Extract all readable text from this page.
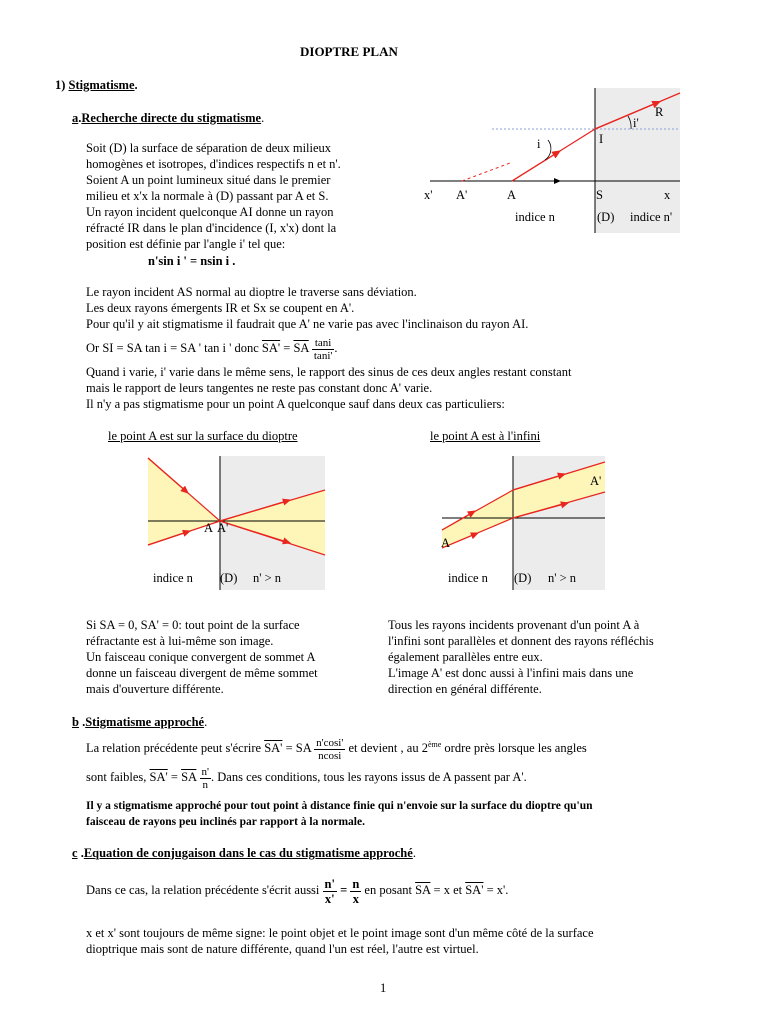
DIOPTRE PLAN
1) Stigmatisme.
a.Recherche directe du stigmatisme.
Soit (D) la surface de séparation de deux milieux
homogènes et isotropes, d'indices respectifs n et n'.
Soient A un point lumineux situé dans le premier
milieu et x'x la normale à (D) passant par A et S.
Un rayon incident quelconque AI donne un rayon
réfracté IR dans le plan d'incidence (I, x'x) dont la
position est définie par l'angle i' tel que:
n'sin i ' = nsin i .
R
i'
i	I
x' A'	A	S	x
indice n	(D) indice n'
A A'
indice n (D) n' > n
A
A'
indice n (D) n' > n
Le rayon incident AS normal au dioptre le traverse sans déviation.
Les deux rayons émergents IR et Sx se coupent en A'.
Pour qu'il y ait stigmatisme il faudrait que A' ne varie pas avec l'inclinaison du rayon AI.
Or SI = SA tan i = SA ' tan i ' donc $SA' = \overline{SA} \frac{\tan i}{\tan i'}$ .
Quand i varie, i' varie dans le même sens, le rapport des sinus de ces deux angles restant constant
mais le rapport de leurs tangentes ne reste pas constant donc A' varie.
Il n'y a pas stigmatisme pour un point A quelconque sauf dans deux cas particuliers:
le point A est sur la surface du dioptre	le point A est à l'infini
Si SA = 0, SA' = 0: tout point de la surface
réfractante est à lui-même son image.
Un faisceau conique convergent de sommet A
donne un faisceau divergent de même sommet
mais d'ouverture différente.
Tous les rayons incidents provenant d'un point A à
l'infini sont parallèles et donnent des rayons réfléchis
également parallèles entre eux.
L'image A' est donc aussi à l'infini mais dans une
direction en général différente.
b .Stigmatisme approché.
La relation précédente peut s'écrire SA' = SA $\frac{n'\cos i'}{ncosi}$ et devient , au 2ème ordre près lorsque les angles
sont faibles, $SA' = \overline{SA} \frac{n'}{n}$ . Dans ces conditions, tous les rayons issus de A passent par A'.
Il y a stigmatisme approché pour tout point à distance finie qui n'envoie sur la surface du dioptre qu'un
faisceau de rayons peu inclinés par rapport à la normale.
c .Equation de conjugaison dans le cas du stigmatisme approché.
Dans ce cas, la relation précédente s'écrit aussi $\frac{n'}{x'} = \frac{n}{x}$ en posant $\overline{SA} = x$ et SA' = x'.
x et x' sont toujours de même signe: le point objet et le point image sont d'un même côté de la surface
dioptrique mais sont de nature différente, quand l'un est réel, l'autre est virtuel.
1
